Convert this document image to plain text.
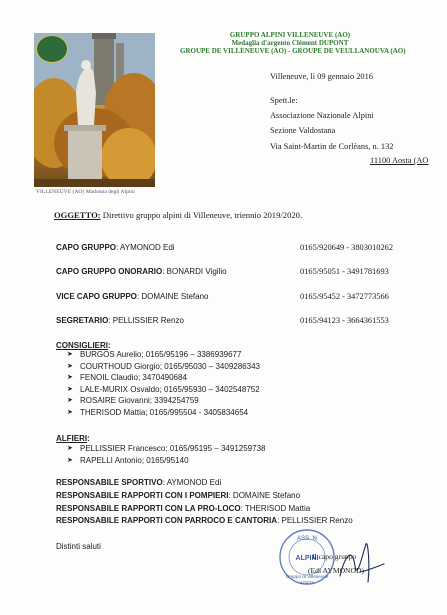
VILLENEUVE (AO) Madonna degli Alpini
GRUPPO ALPINI VILLENEUVE (AO)
Medaglia d'argento Clément DUPONT
GROUPE DE VILLENEUVE (AO) - GROUPE DE VEULLANOUVA (AO)
Villeneuve, lì 09 gennaio 2016
Spett.le:
Associazione Nazionale Alpini
Sezione Valdostana
Via Saint-Martin de Corlèans, n. 132
11100 Aosta (AO
OGGETTO: Direttivo gruppo alpini di Villeneuve, triennio 2019/2020.
CAPO GRUPPO: AYMONOD Edi	0165/920649 - 3803010262
CAPO GRUPPO ONORARIO: BONARDI Vigilio	0165/95051 - 3491781693
VICE CAPO GRUPPO: DOMAINE Stefano	0165/95452 - 3472773566
SEGRETARIO: PELLISSIER Renzo	0165/94123 - 3664361553
CONSIGLIERI:
➤ BURGOS Aurelio; 0165/95196 – 3386939677
➤ COURTHOUD Giorgio; 0165/95030 – 3409286343
➤ FENOIL Claudio; 3470490684
➤ LALE-MURIX Osvaldo; 0165/95930 – 3402548752
➤ ROSAIRE Giovanni; 3394254759
➤ THERISOD Mattia; 0165/995504 - 3405834654
ALFIERI:
➤ PELLISSIER Francesco; 0165/95195 – 3491259738
➤ RAPELLI Antonio; 0165/95140
RESPONSABILE SPORTIVO: AYMONOD Edi
RESPONSABILE RAPPORTI CON I POMPIERI: DOMAINE Stefano
RESPONSABILE RAPPORTI CON LA PRO-LOCO: THERISOD Mattia
RESPONSABILE RAPPORTI CON PARROCO E CANTORIA: PELLISSIER Renzo
Distinti saluti
ASS. N
ALPINI
Gruppo di Villeneuve
AOSTA
Il capo gruppo
(Edi AYMONOD)
